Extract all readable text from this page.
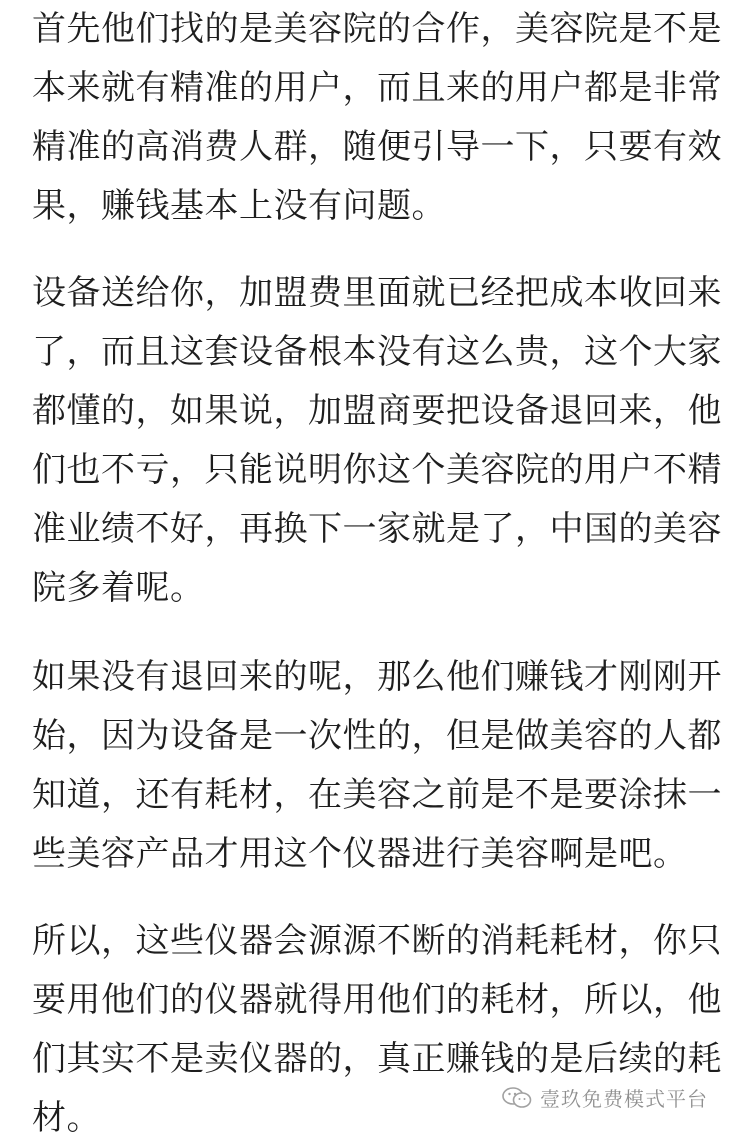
首先他们找的是美容院的合作，美容院是不是
本来就有精准的用户，而且来的用户都是非常
精准的高消费人群，随便引导一下，只要有效
果，赚钱基本上没有问题。
设备送给你，加盟费里面就已经把成本收回来
了，而且这套设备根本没有这么贵，这个大家
都懂的，如果说，加盟商要把设备退回来，他
们也不亏，只能说明你这个美容院的用户不精
准业绩不好，再换下一家就是了，中国的美容
院多着呢。
如果没有退回来的呢，那么他们赚钱才刚刚开
始，因为设备是一次性的，但是做美容的人都
知道，还有耗材，在美容之前是不是要涂抹一
些美容产品才用这个仪器进行美容啊是吧。
所以，这些仪器会源源不断的消耗耗材，你只
要用他们的仪器就得用他们的耗材，所以，他
们其实不是卖仪器的，真正赚钱的是后续的耗
材。	壹玖免费模式平台
